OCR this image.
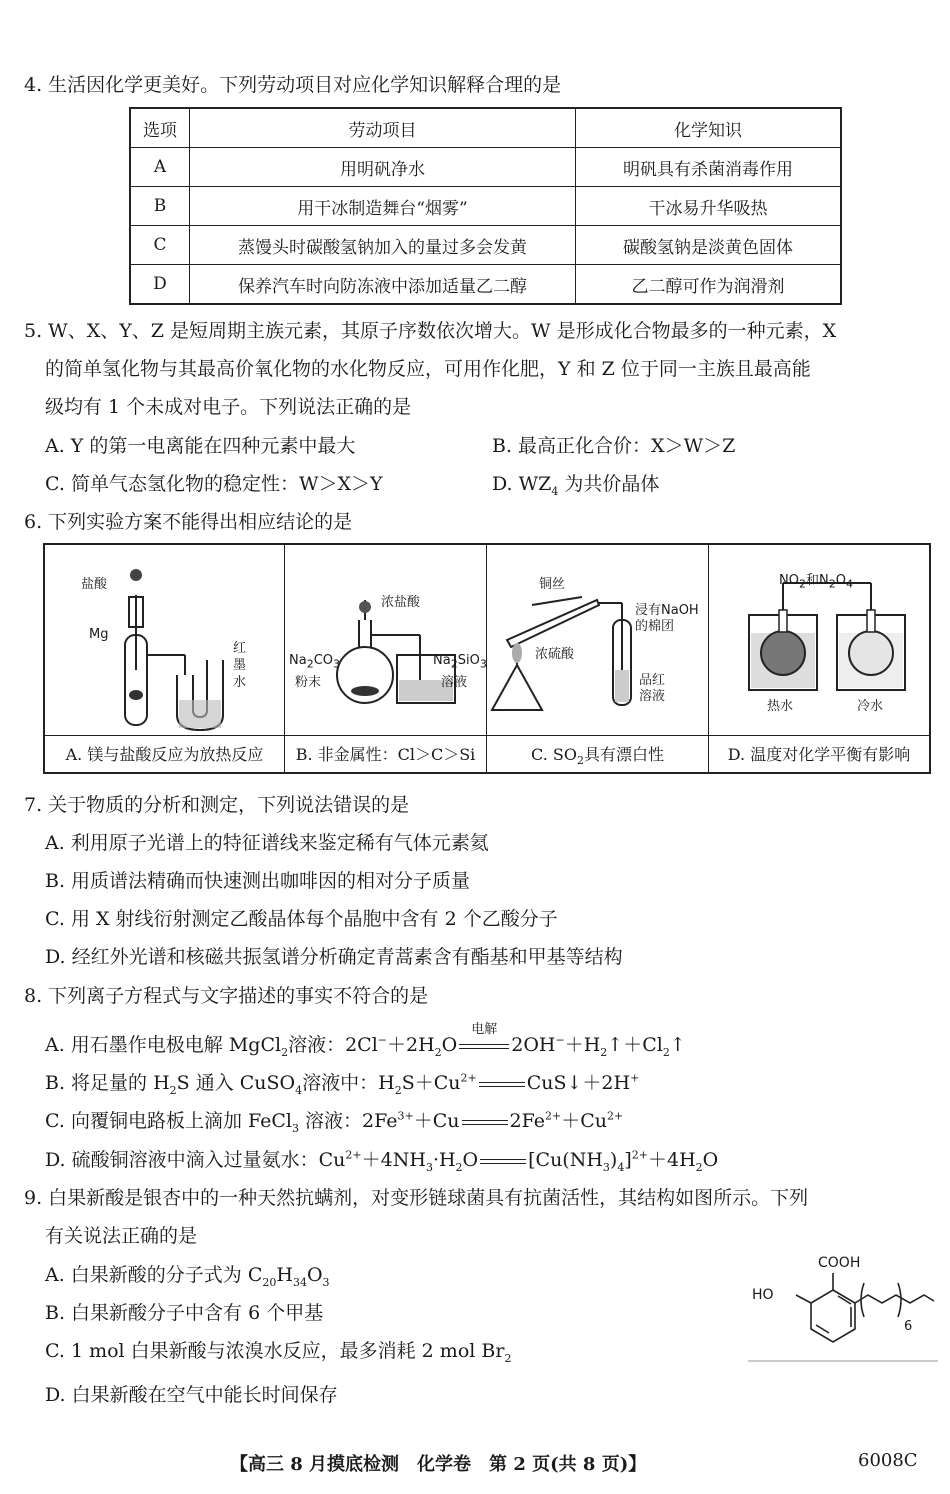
4. 生活因化学更美好。下列劳动项目对应化学知识解释合理的是
选项	劳动项目	化学知识
A	用明矾净水	明矾具有杀菌消毒作用
B	用干冰制造舞台“烟雾”	干冰易升华吸热
C	蒸馒头时碳酸氢钠加入的量过多会发黄	碳酸氢钠是淡黄色固体
D	保养汽车时向防冻液中添加适量乙二醇	乙二醇可作为润滑剂
5. W、X、Y、Z 是短周期主族元素，其原子序数依次增大。W 是形成化合物最多的一种元素，X
的简单氢化物与其最高价氧化物的水化物反应，可用作化肥，Y 和 Z 位于同一主族且最高能
级均有 1 个未成对电子。下列说法正确的是
A. Y 的第一电离能在四种元素中最大	B. 最高正化合价：X＞W＞Z
C. 简单气态氢化物的稳定性：W＞X＞Y	D. $WZ_4$ 为共价晶体
6. 下列实验方案不能得出相应结论的是
盐酸
Mg
红
墨
水
A. 镁与盐酸反应为放热反应
浓盐酸
$Na_2CO_3$
粉末
$Na_2SiO_3$
溶液
B. 非金属性：Cl＞C＞Si
铜丝
浸有NaOH
的棉团
浓硫酸
品红
溶液
C. $SO_2$具有漂白性
$NO_2$和$N_2O_4$
热水	冷水
D. 温度对化学平衡有影响
7. 关于物质的分析和测定，下列说法错误的是
A. 利用原子光谱上的特征谱线来鉴定稀有气体元素氦
B. 用质谱法精确而快速测出咖啡因的相对分子质量
C. 用 X 射线衍射测定乙酸晶体每个晶胞中含有 2 个乙酸分子
D. 经红外光谱和核磁共振氢谱分析确定青蒿素含有酯基和甲基等结构
8. 下列离子方程式与文字描述的事实不符合的是
A. 用石墨作电极电解 MgCl$_2$溶液：$2Cl^-+2H_2O$
电解
$2OH^-+H_2↑+Cl_2↑$
B. 将足量的 $H_2S$ 通入 CuSO$_4$溶液中：$H_2S+Cu^{2+}$	CuS↓＋2H+
C. 向覆铜电路板上滴加 FeCl$_3$ 溶液：$2Fe^{3+}+Cu$	$2Fe^{2+}+Cu^{2+}$
D. 硫酸铜溶液中滴入过量氨水：$Cu^{2+}+4NH_3\cdot H_2O$	$[Cu(NH_3)_4]^{2+}+4H_2O$
9. 白果新酸是银杏中的一种天然抗螨剂，对变形链球菌具有抗菌活性，其结构如图所示。下列
有关说法正确的是
A. 白果新酸的分子式为 $C_{20}H_{34}O_3$
B. 白果新酸分子中含有 6 个甲基
C. 1 mol 白果新酸与浓溴水反应，最多消耗 2 mol $Br_2$
D. 白果新酸在空气中能长时间保存
COOH
HO
6
【高三 8 月摸底检测　化学卷　第 2 页(共 8 页)】	6008C
